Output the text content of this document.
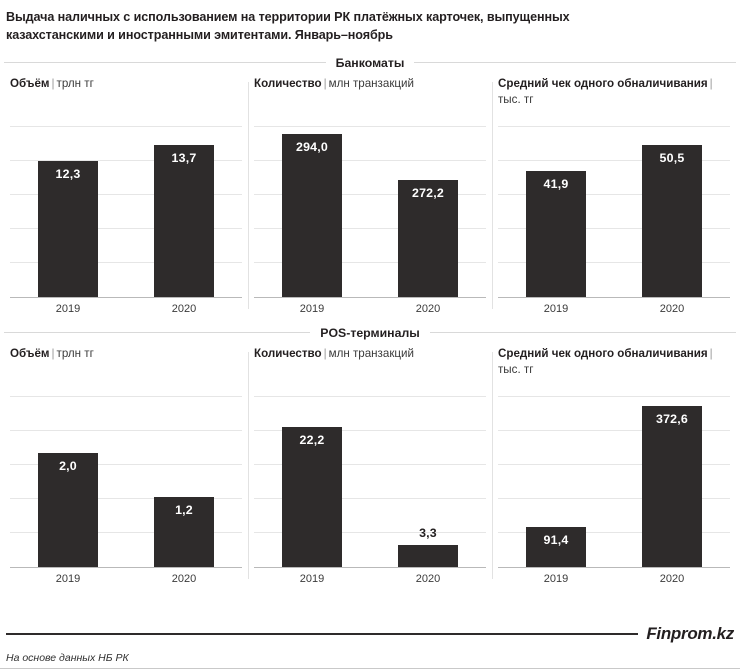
Выдача наличных с использованием на территории РК платёжных карточек, выпущенных
казахстанскими и иностранными эмитентами. Январь–ноябрь
Банкоматы
Объём | трлн тг
12,3
13,7
2019	2020
Количество | млн транзакций
294,0
272,2
2019	2020
Средний чек одного обналичивания |тыс. тг
41,9
50,5
2019	2020
POS-терминалы
Объём | трлн тг
2,0
1,2
2019	2020
Количество | млн транзакций
22,2
3,3
2019	2020
Средний чек одного обналичивания |тыс. тг
91,4
372,6
2019	2020
Finprom.kz
На основе данных НБ РК
